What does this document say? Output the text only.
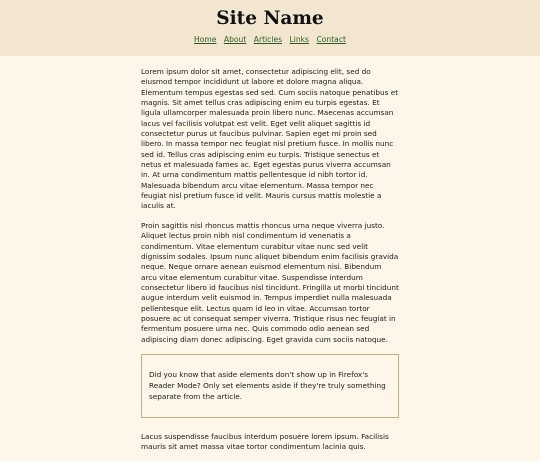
Site Name
Home About Articles Links Contact

Lorem ipsum dolor sit amet, consectetur adipiscing elit, sed do eiusmod tempor incididunt ut labore et dolore magna aliqua. Elementum tempus egestas sed sed. Cum sociis natoque penatibus et magnis. Sit amet tellus cras adipiscing enim eu turpis egestas. Et ligula ullamcorper malesuada proin libero nunc. Maecenas accumsan lacus vel facilisis volutpat est velit. Eget velit aliquet sagittis id consectetur purus ut faucibus pulvinar. Sapien eget mi proin sed libero. In massa tempor nec feugiat nisl pretium fusce. In mollis nunc sed id. Tellus cras adipiscing enim eu turpis. Tristique senectus et netus et malesuada fames ac. Eget egestas purus viverra accumsan in. At urna condimentum mattis pellentesque id nibh tortor id. Malesuada bibendum arcu vitae elementum. Massa tempor nec feugiat nisl pretium fusce id velit. Mauris cursus mattis molestie a iaculis at.

Proin sagittis nisl rhoncus mattis rhoncus urna neque viverra justo. Aliquet lectus proin nibh nisl condimentum id venenatis a condimentum. Vitae elementum curabitur vitae nunc sed velit dignissim sodales. Ipsum nunc aliquet bibendum enim facilisis gravida neque. Neque ornare aenean euismod elementum nisi. Bibendum arcu vitae elementum curabitur vitae. Suspendisse interdum consectetur libero id faucibus nisl tincidunt. Fringilla ut morbi tincidunt augue interdum velit euismod in. Tempus imperdiet nulla malesuada pellentesque elit. Lectus quam id leo in vitae. Accumsan tortor posuere ac ut consequat semper viverra. Tristique risus nec feugiat in fermentum posuere urna nec. Quis commodo odio aenean sed adipiscing diam donec adipiscing. Eget gravida cum sociis natoque.

Did you know that aside elements don't show up in Firefox's Reader Mode? Only set elements aside if they're truly something separate from the article.

Lacus suspendisse faucibus interdum posuere lorem ipsum. Facilisis mauris sit amet massa vitae tortor condimentum lacinia quis.
